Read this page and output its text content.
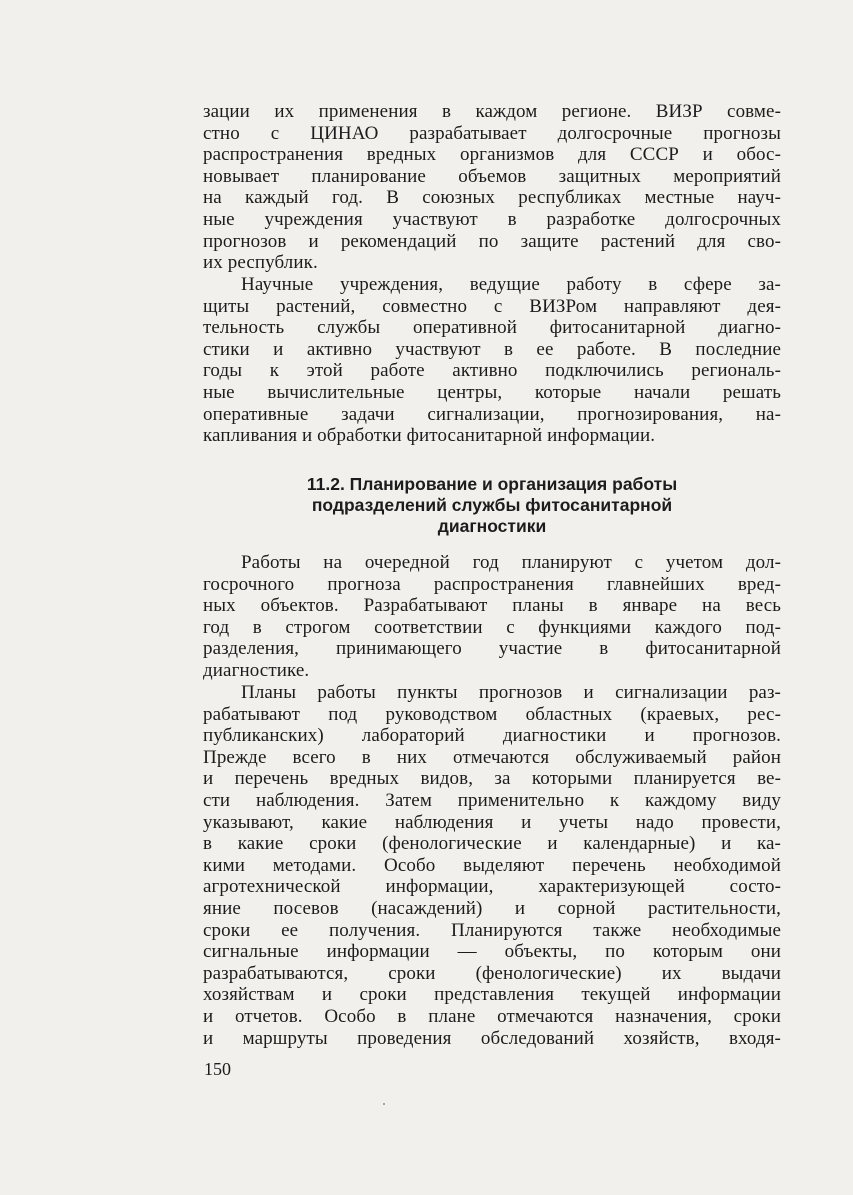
зации их применения в каждом регионе. ВИЗР совме-
стно с ЦИНАО разрабатывает долгосрочные прогнозы
распространения вредных организмов для СССР и обос-
новывает планирование объемов защитных мероприятий
на каждый год. В союзных республиках местные науч-
ные учреждения участвуют в разработке долгосрочных
прогнозов и рекомендаций по защите растений для сво-
их республик.
Научные учреждения, ведущие работу в сфере за-
щиты растений, совместно с ВИЗРом направляют дея-
тельность службы оперативной фитосанитарной диагно-
стики и активно участвуют в ее работе. В последние
годы к этой работе активно подключились региональ-
ные вычислительные центры, которые начали решать
оперативные задачи сигнализации, прогнозирования, на-
капливания и обработки фитосанитарной информации.
11.2. Планирование и организация работы
подразделений службы фитосанитарной
диагностики
Работы на очередной год планируют с учетом дол-
госрочного прогноза распространения главнейших вред-
ных объектов. Разрабатывают планы в январе на весь
год в строгом соответствии с функциями каждого под-
разделения, принимающего участие в фитосанитарной
диагностике.
Планы работы пункты прогнозов и сигнализации раз-
рабатывают под руководством областных (краевых, рес-
публиканских) лабораторий диагностики и прогнозов.
Прежде всего в них отмечаются обслуживаемый район
и перечень вредных видов, за которыми планируется ве-
сти наблюдения. Затем применительно к каждому виду
указывают, какие наблюдения и учеты надо провести,
в какие сроки (фенологические и календарные) и ка-
кими методами. Особо выделяют перечень необходимой
агротехнической информации, характеризующей состо-
яние посевов (насаждений) и сорной растительности,
сроки ее получения. Планируются также необходимые
сигнальные информации — объекты, по которым они
разрабатываются, сроки (фенологические) их выдачи
хозяйствам и сроки представления текущей информации
и отчетов. Особо в плане отмечаются назначения, сроки
и маршруты проведения обследований хозяйств, входя-
150
